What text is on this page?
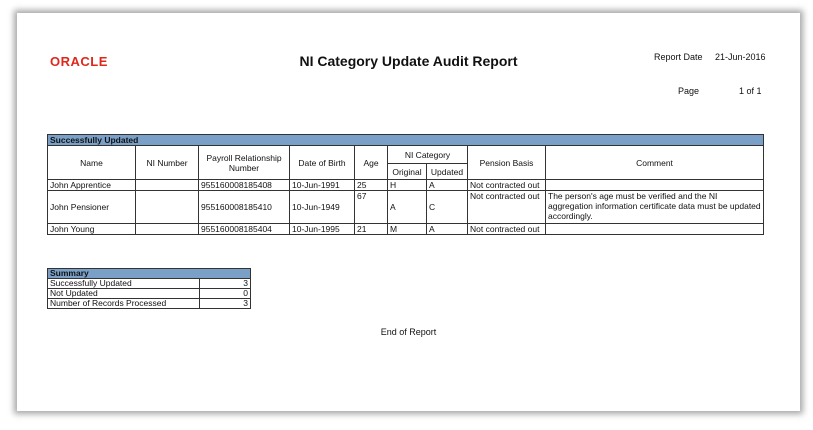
ORACLE	NI Category Update Audit Report	Report Date 21-Jun-2016
Page	1 of 1
Successfully Updated								
Name	NI Number	Payroll Relationship Number	Date of Birth	Age	NI Category		Pension Basis	Comment
					Original	Updated		
John Apprentice		955160008185408	10-Jun-1991	25	H	A	Not contracted out	
John Pensioner		955160008185410	10-Jun-1949	67	A	C	Not contracted out	The person's age must be verified and the NI aggregation information certificate data must be updated accordingly.
John Young		955160008185404	10-Jun-1995	21	M	A	Not contracted out	
Summary	
Successfully Updated	3
Not Updated	0
Number of Records Processed	3
End of Report
